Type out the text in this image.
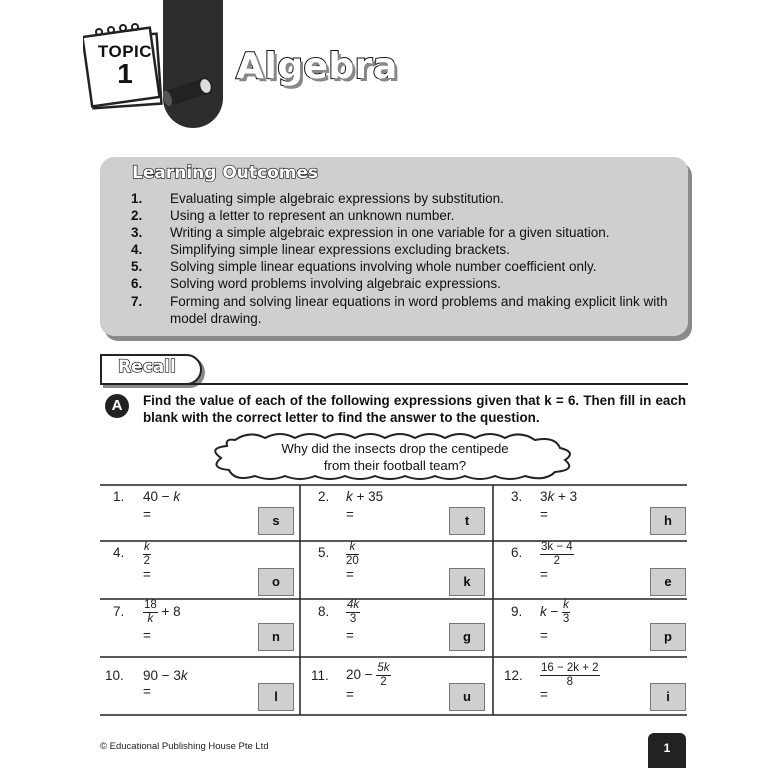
TOPIC
1	Algebra
Learning Outcomes
1.	Evaluating simple algebraic expressions by substitution.
2.	Using a letter to represent an unknown number.
3.	Writing a simple algebraic expression in one variable for a given situation.
4.	Simplifying simple linear expressions excluding brackets.
5.	Solving simple linear equations involving whole number coefficient only.
6.	Solving word problems involving algebraic expressions.
7.	Forming and solving linear equations in word problems and making explicit link with model drawing.
Recall
A	Find the value of each of the following expressions given that k = 6. Then fill in each blank with the correct letter to find the answer to the question.
Why did the insects drop the centipede
from their football team?
1. 40 − k
=	s
2. k + 35
=	t
3. 3k + 3
=	h
4. $\frac{k}{2}$
=	o
5. $\frac{k}{20}$
=	k
6. $\frac{3k - 4}{2}$
=	e
7. $\frac{18}{k} + 8$
=	n
8. $\frac{4k}{3}$
=	g
9. $k - \frac{k}{3}$
=	p
10. 90 − 3k
=	l
11. $20 - \frac{5k}{2}$
=	u
12. $\frac{16 - 2k + 2}{8}$
=	i
© Educational Publishing House Pte Ltd	1
